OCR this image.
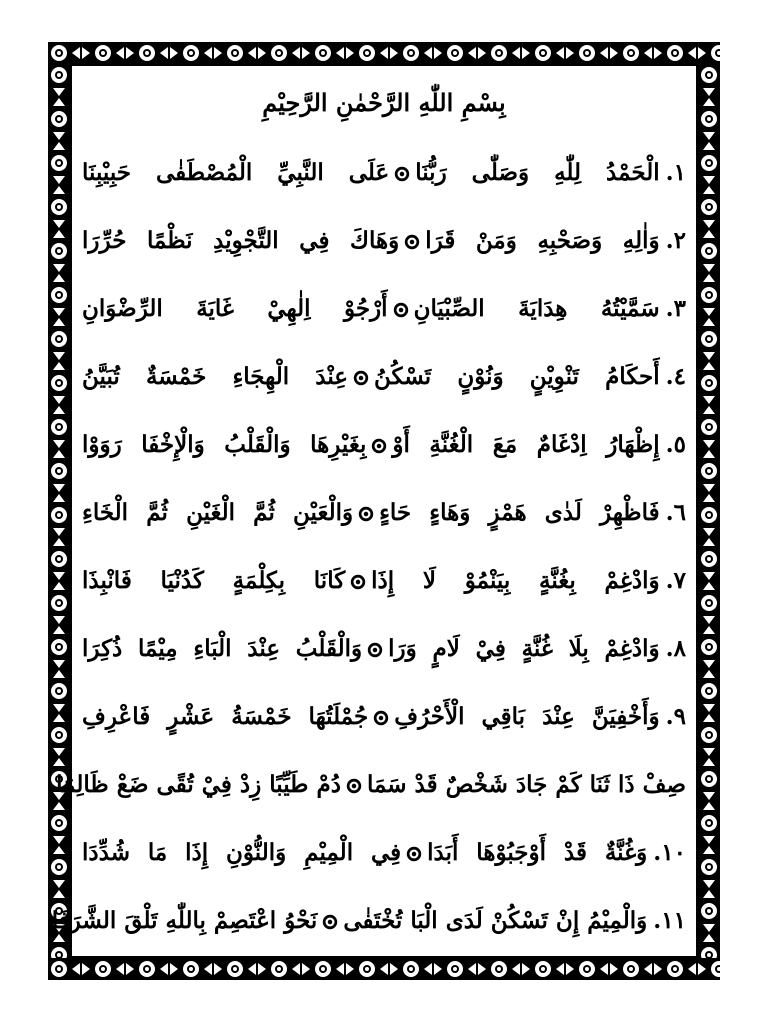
بِسْمِ اللّٰهِ الرَّحْمٰنِ الرَّحِيْمِ
١.الْحَمْدُ لِلّٰهِ وَصَلّٰى رَبُّنَاعَلَى النَّبِيِّ الْمُصْطَفٰى حَبِيْبِنَا
٢.وَاٰلِهِ وَصَحْبِهِ وَمَنْ قَرَاوَهَاكَ فِي التَّجْوِيْدِ نَظْمًا حُرِّرَا
٣.سَمَّيْتُهُ هِدَايَةَ الصِّبْيَانِأَرْجُوْ اِلٰهِيْ غَايَةَ الرِّضْوَانِ
٤.أَحكَامُ تَنْوِيْنٍ وَنُوْنٍ تَسْكُنُعِنْدَ الْهِجَاءِ خَمْسَةٌ تُبَيَّنُ
٥.إِظْهَارُ اِدْغَامٌ مَعَ الْغُنَّةِ أَوْبِغَيْرِهَا وَالْقَلْبُ وَالْإِخْفَا رَوَوْا
٦.فَاظْهِرْ لَدٰى هَمْزٍ وَهَاءٍ حَاءٍوَالْعَيْنِ ثُمَّ الْغَيْنِ ثُمَّ الْخَاءِ
٧.وَادْغِمْ بِغُنَّةٍ بِيَنْمُوْ لَا إِذَاكَانَا بِكِلْمَةٍ كَدُنْيَا فَانْبِذَا
٨.وَادْغِمْ بِلَا غُنَّةٍ فِيْ لَامٍ وَرَاوَالْقَلْبُ عِنْدَ الْبَاءِ مِيْمًا ذُكِرَا
٩.وَأَخْفِيَنَّ عِنْدَ بَاقِي الْأَحْرُفِجُمْلَتُهَا خَمْسَةُ عَشْرٍ فَاعْرِفِ
صِفْ ذَا ثَنَا كَمْ جَادَ شَخْصٌ قَدْ سَمَادُمْ طَيِّبًا زِدْ فِيْ تُقًى ضَعْ ظَالِمَا
١٠.وَغُنَّةٌ قَدْ أَوْجَبُوْهَا أَبَدَافِي الْمِيْمِ وَالنُّوْنِ إِذَا مَا شُدِّدَا
١١.وَالْمِيْمُ إِنْ تَسْكُنْ لَدَى الْبَا تُخْتَفٰىنَحْوُ اعْتَصِمْ بِاللّٰهِ تَلْقَ الشَّرَفَا
